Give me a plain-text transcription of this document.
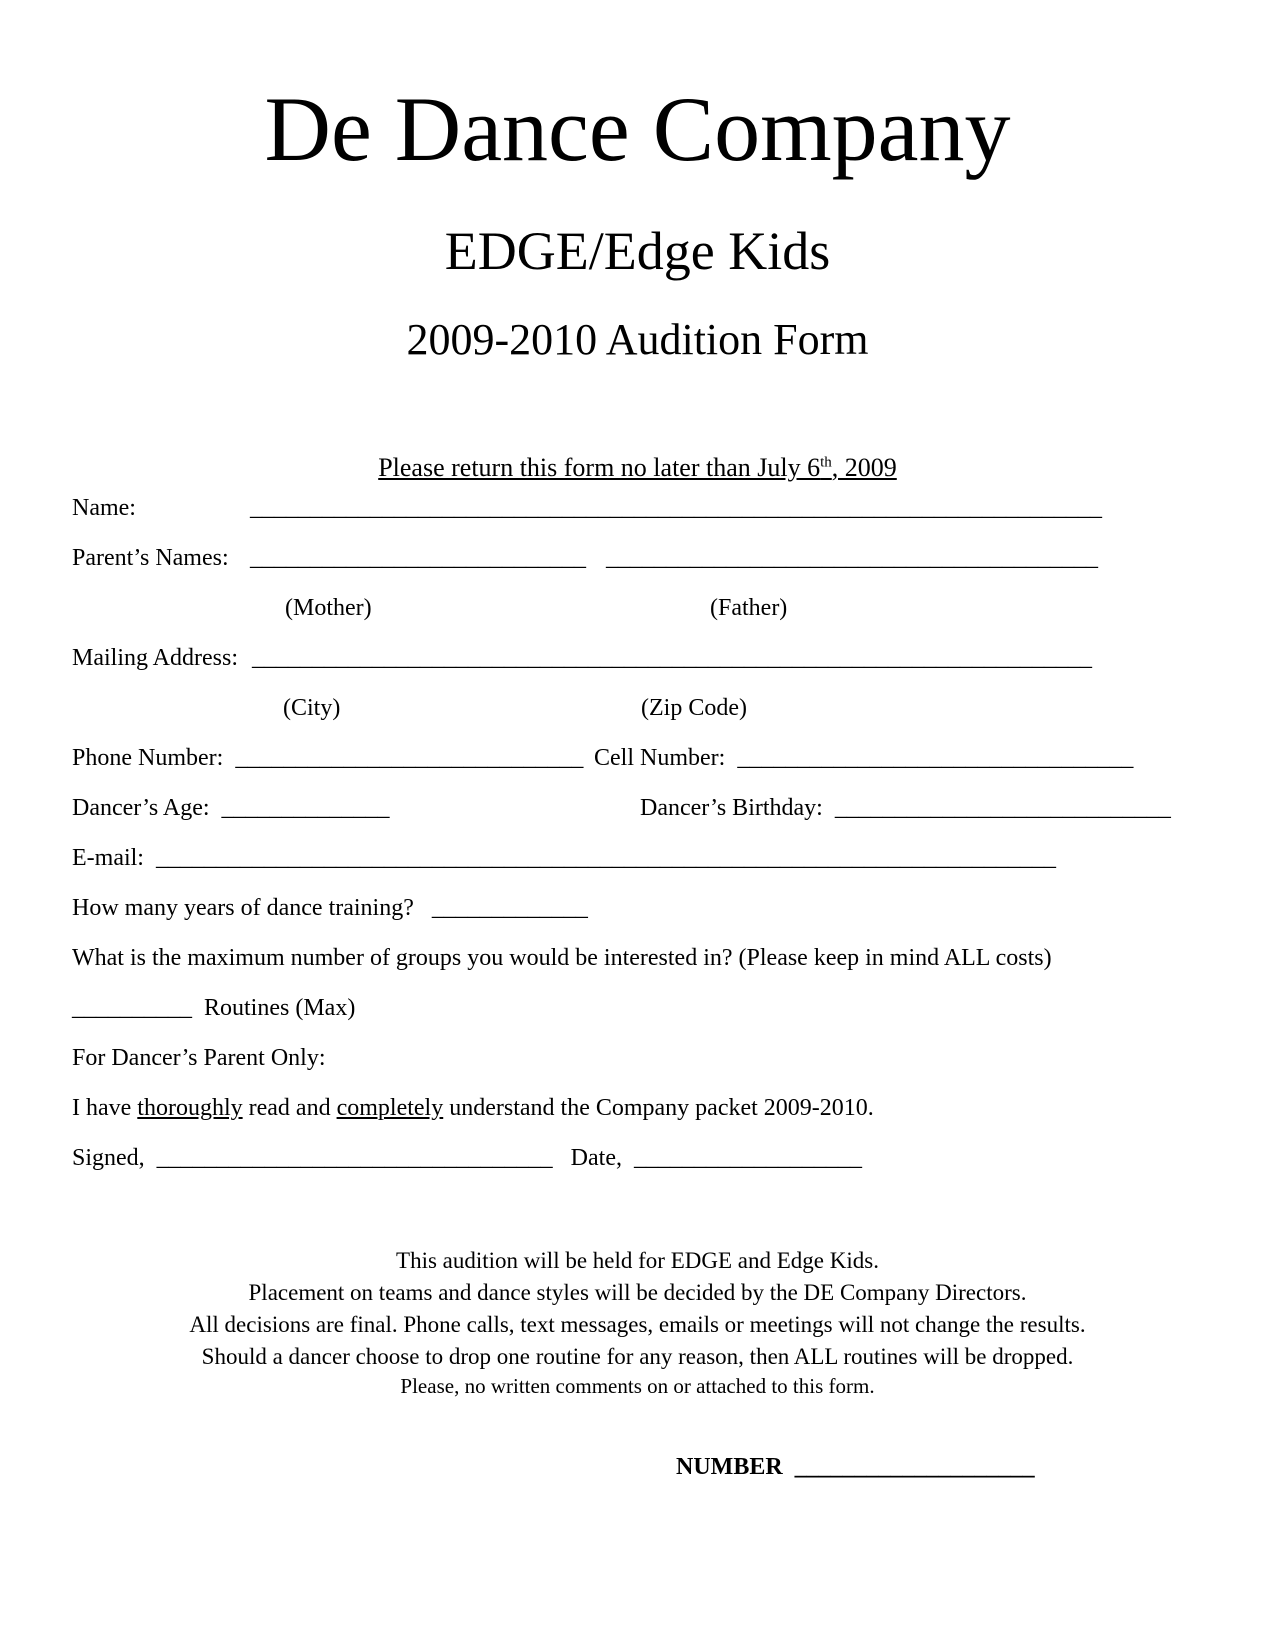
De Dance Company
EDGE/Edge Kids
2009-2010 Audition Form
Please return this form no later than July 6th, 2009
Name:	_______________________________________________________________________
Parent’s Names: ____________________________ _________________________________________
(Mother)	(Father)
Mailing Address: ______________________________________________________________________
(City)	(Zip Code)
Phone Number: _____________________________ Cell Number: _________________________________
Dancer’s Age: ______________	Dancer’s Birthday: ____________________________
E-mail: ___________________________________________________________________________
How many years of dance training? _____________
What is the maximum number of groups you would be interested in? (Please keep in mind ALL costs)
__________ Routines (Max)
For Dancer’s Parent Only:
I have thoroughly read and completely understand the Company packet 2009-2010.
Signed, _________________________________ Date, ___________________
This audition will be held for EDGE and Edge Kids.
Placement on teams and dance styles will be decided by the DE Company Directors.
All decisions are final. Phone calls, text messages, emails or meetings will not change the results.
Should a dancer choose to drop one routine for any reason, then ALL routines will be dropped.
Please, no written comments on or attached to this form.
NUMBER ____________________
